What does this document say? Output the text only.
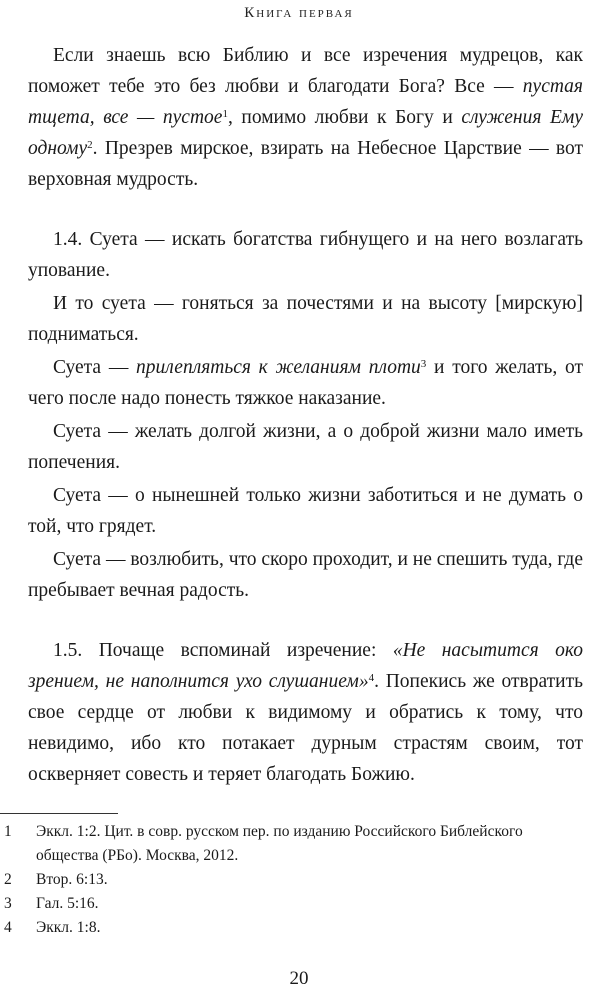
Книга первая

Если знаешь всю Библию и все изречения мудрецов, как поможет тебе это без любви и благодати Бога? Все — пустая тщета, все — пустое$^1$, помимо любви к Богу и служения Ему одному$^2$. Презрев мирское, взирать на Небесное Царствие — вот верховная мудрость.

1.4. Суета — искать богатства гибнущего и на него возлагать упование.

И то суета — гоняться за почестями и на высоту [мирскую] подниматься.

Суета — прилепляться к желаниям плоти$^3$ и того желать, от чего после надо понесть тяжкое наказание.

Суета — желать долгой жизни, а о доброй жизни мало иметь попечения.

Суета — о нынешней только жизни заботиться и не думать о той, что грядет.

Суета — возлюбить, что скоро проходит, и не спешить туда, где пребывает вечная радость.

1.5. Почаще вспоминай изречение: «Не насытится око зрением, не наполнится ухо слушанием»$^4$. Попекись же отвратить свое сердце от любви к видимому и обратись к тому, что невидимо, ибо кто потакает дурным страстям своим, тот оскверняет совесть и теряет благодать Божию.

1 Эккл. 1:2. Цит. в совр. русском пер. по изданию Российского Библейского общества (РБо). Москва, 2012.
2 Втор. 6:13.
3 Гал. 5:16.
4 Эккл. 1:8.
20
